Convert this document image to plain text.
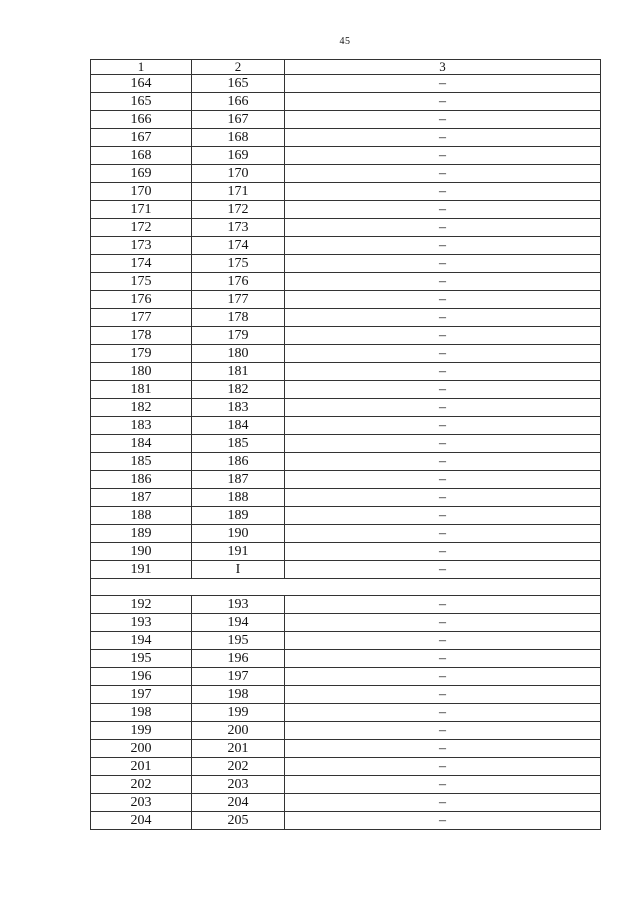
45
1	2	3
164	165	–
165	166	–
166	167	–
167	168	–
168	169	–
169	170	–
170	171	–
171	172	–
172	173	–
173	174	–
174	175	–
175	176	–
176	177	–
177	178	–
178	179	–
179	180	–
180	181	–
181	182	–
182	183	–
183	184	–
184	185	–
185	186	–
186	187	–
187	188	–
188	189	–
189	190	–
190	191	–
191	I	–

192	193	–
193	194	–
194	195	–
195	196	–
196	197	–
197	198	–
198	199	–
199	200	–
200	201	–
201	202	–
202	203	–
203	204	–
204	205	–
